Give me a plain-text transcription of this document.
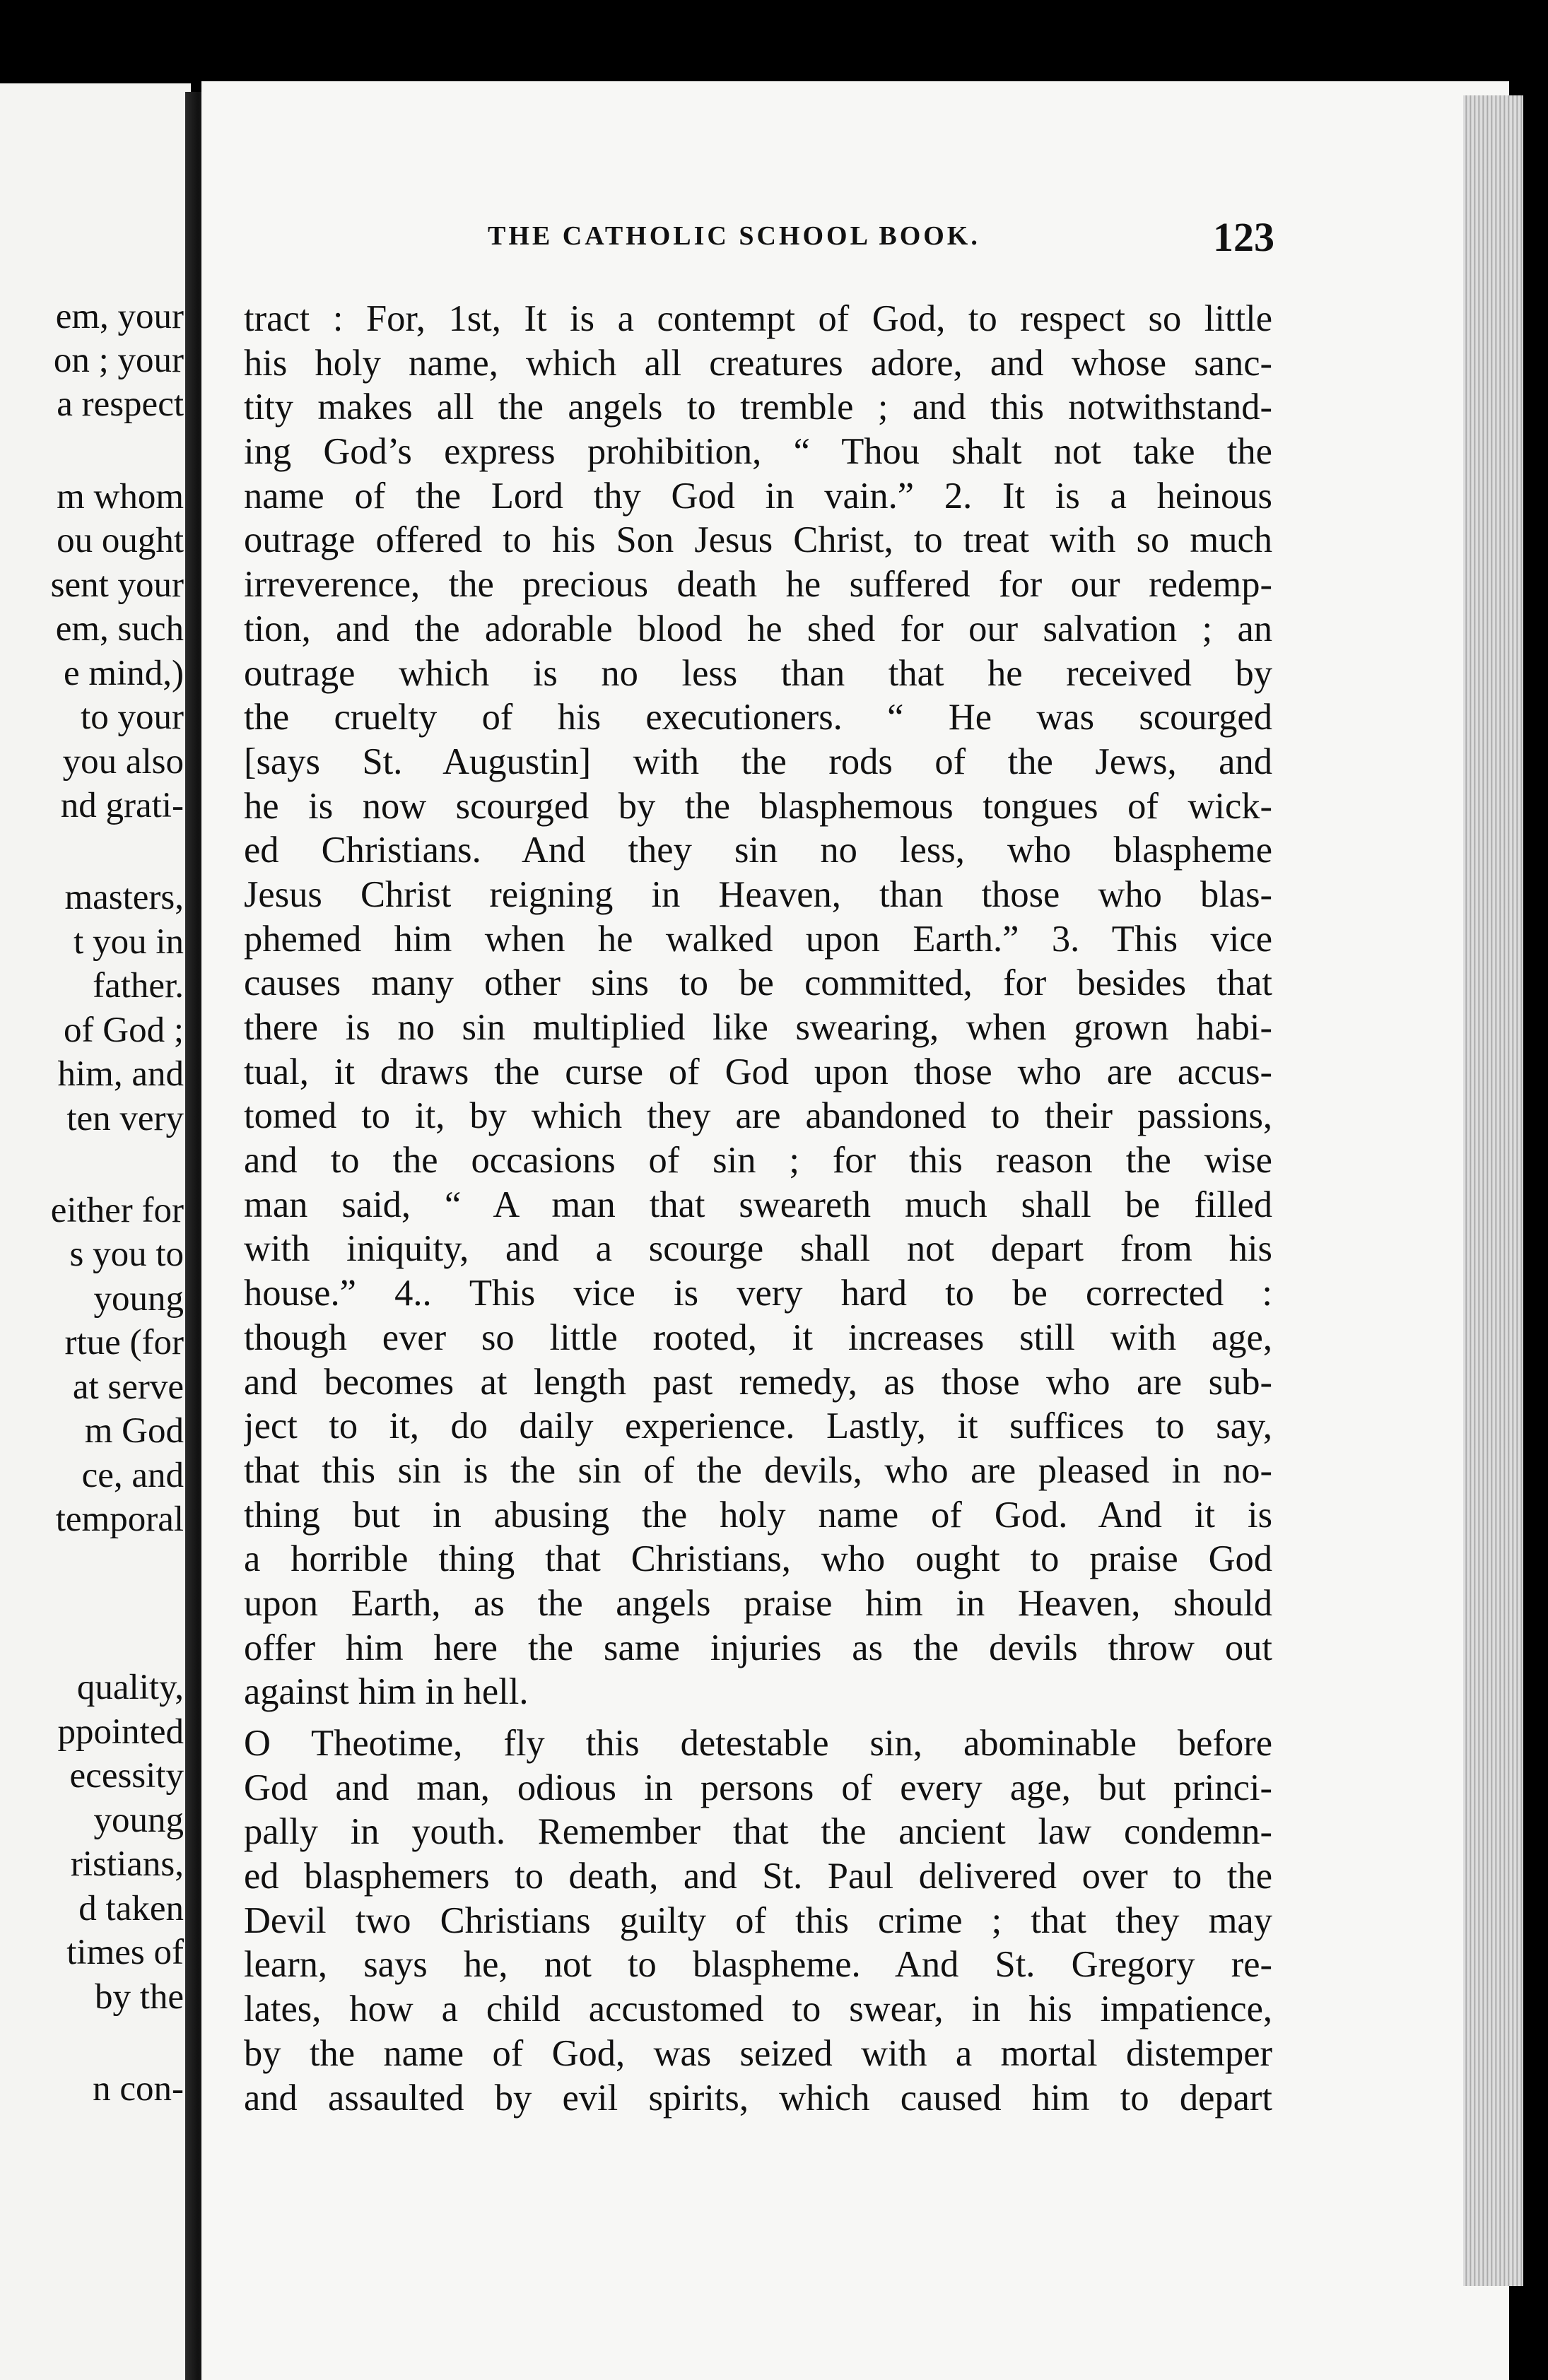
em, your
on ; your
a respect
m whom
ou ought
sent your
em, such
e mind,)
to your
you also
nd grati-
masters,
t you in
father.
of God ;
him, and
ten very
either for
s you to
young
rtue (for
at serve
m God
ce, and
temporal
quality,
ppointed
ecessity
young
ristians,
d taken
times of
by the
n con-
THE CATHOLIC SCHOOL BOOK.	123
tract : For, 1st, It is a contempt of God, to respect so little
his holy name, which all creatures adore, and whose sanc-
tity makes all the angels to tremble ; and this notwithstand-
ing God’s express prohibition, “ Thou shalt not take the
name of the Lord thy God in vain.” 2. It is a heinous
outrage offered to his Son Jesus Christ, to treat with so much
irreverence, the precious death he suffered for our redemp-
tion, and the adorable blood he shed for our salvation ; an
outrage which is no less than that he received by
the cruelty of his executioners. “ He was scourged
[says St. Augustin] with the rods of the Jews, and
he is now scourged by the blasphemous tongues of wick-
ed Christians. And they sin no less, who blaspheme
Jesus Christ reigning in Heaven, than those who blas-
phemed him when he walked upon Earth.” 3. This vice
causes many other sins to be committed, for besides that
there is no sin multiplied like swearing, when grown habi-
tual, it draws the curse of God upon those who are accus-
tomed to it, by which they are abandoned to their passions,
and to the occasions of sin ; for this reason the wise
man said, “ A man that sweareth much shall be filled
with iniquity, and a scourge shall not depart from his
house.” 4.. This vice is very hard to be corrected :
though ever so little rooted, it increases still with age,
and becomes at length past remedy, as those who are sub-
ject to it, do daily experience. Lastly, it suffices to say,
that this sin is the sin of the devils, who are pleased in no-
thing but in abusing the holy name of God. And it is
a horrible thing that Christians, who ought to praise God
upon Earth, as the angels praise him in Heaven, should
offer him here the same injuries as the devils throw out
against him in hell.
O Theotime, fly this detestable sin, abominable before
God and man, odious in persons of every age, but princi-
pally in youth. Remember that the ancient law condemn-
ed blasphemers to death, and St. Paul delivered over to the
Devil two Christians guilty of this crime ; that they may
learn, says he, not to blaspheme. And St. Gregory re-
lates, how a child accustomed to swear, in his impatience,
by the name of God, was seized with a mortal distemper
and assaulted by evil spirits, which caused him to depart
